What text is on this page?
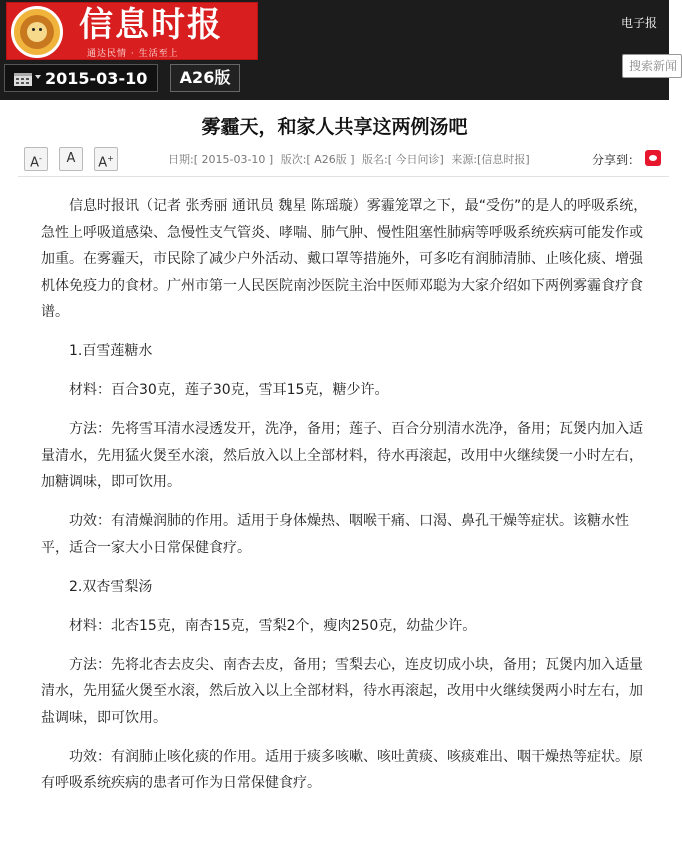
信息时报
通达民情 · 生活至上
电子报
搜索新闻
2015-03-10	A26版
雾霾天，和家人共享这两例汤吧
A-	A	A+	日期:[ 2015-03-10 ] 版次:[ A26版 ] 版名:[ 今日问诊] 来源:[信息时报]	分享到：

信息时报讯（记者 张秀丽 通讯员 魏星 陈瑶璇）雾霾笼罩之下，最“受伤”的是人的呼吸系统，急性上呼吸道感染、急慢性支气管炎、哮喘、肺气肿、慢性阻塞性肺病等呼吸系统疾病可能发作或加重。在雾霾天，市民除了减少户外活动、戴口罩等措施外，可多吃有润肺清肺、止咳化痰、增强机体免疫力的食材。广州市第一人民医院南沙医院主治中医师邓聪为大家介绍如下两例雾霾食疗食谱。

1.百雪莲糖水

材料：百合30克，莲子30克，雪耳15克，糖少许。

方法：先将雪耳清水浸透发开，洗净，备用；莲子、百合分别清水洗净，备用；瓦煲内加入适量清水，先用猛火煲至水滚，然后放入以上全部材料，待水再滚起，改用中火继续煲一小时左右，加糖调味，即可饮用。

功效：有清燥润肺的作用。适用于身体燥热、咽喉干痛、口渴、鼻孔干燥等症状。该糖水性平，适合一家大小日常保健食疗。

2.双杏雪梨汤

材料：北杏15克，南杏15克，雪梨2个，瘦肉250克，幼盐少许。

方法：先将北杏去皮尖、南杏去皮，备用；雪梨去心，连皮切成小块，备用；瓦煲内加入适量清水，先用猛火煲至水滚，然后放入以上全部材料，待水再滚起，改用中火继续煲两小时左右，加盐调味，即可饮用。

功效：有润肺止咳化痰的作用。适用于痰多咳嗽、咳吐黄痰、咳痰难出、咽干燥热等症状。原有呼吸系统疾病的患者可作为日常保健食疗。
